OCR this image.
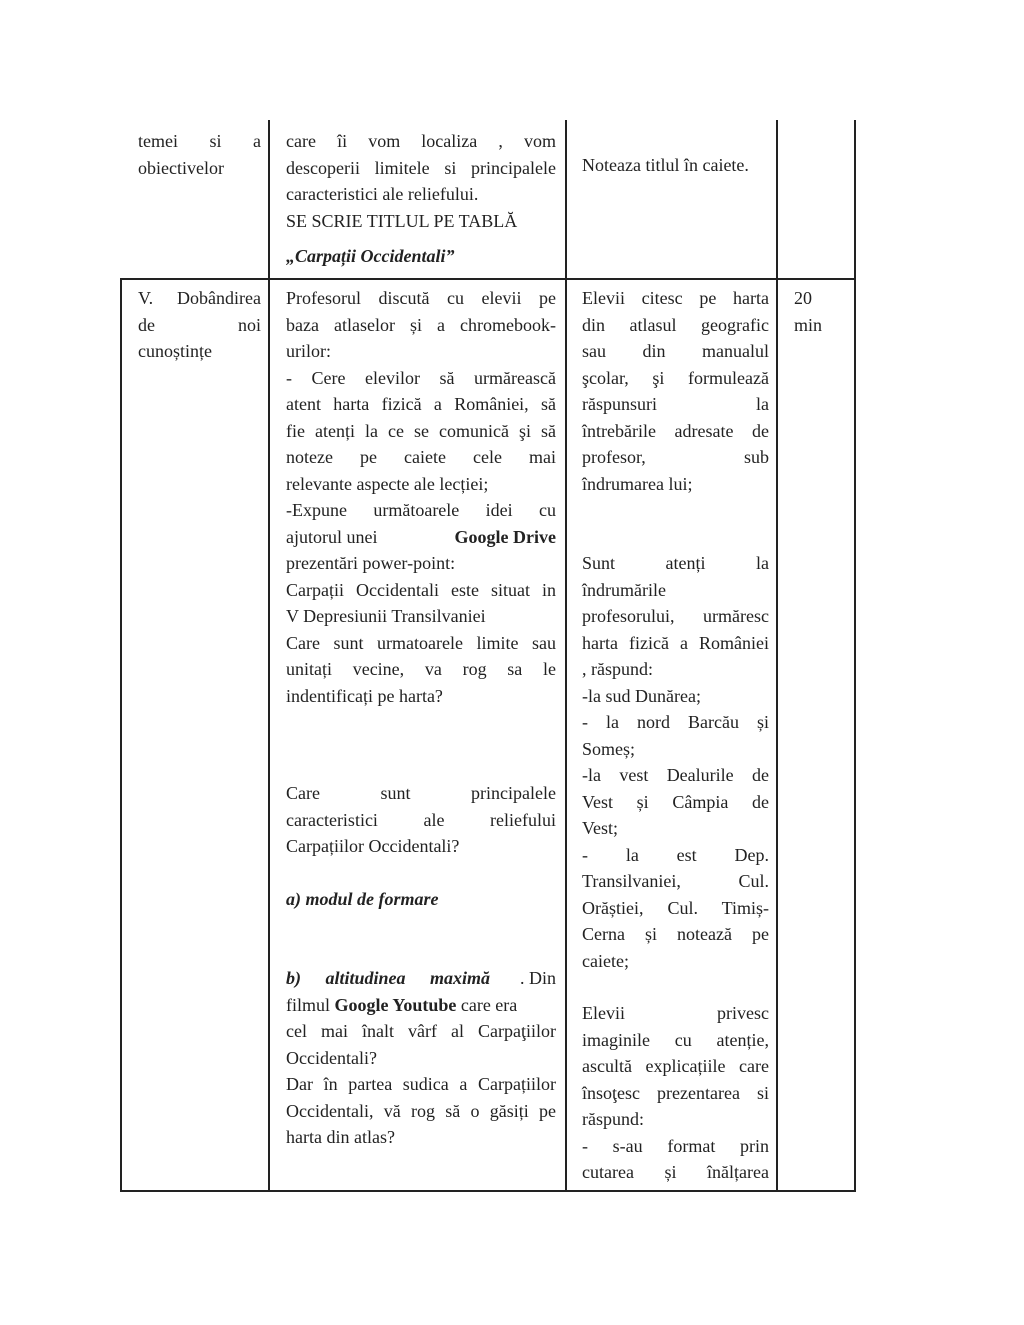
temei si a
obiectivelor
care îi vom localiza , vom
descoperii limitele si principalele
caracteristici ale reliefului.
SE SCRIE TITLUL PE TABLĂ
„Carpații Occidentali”
Noteaza titlul în caiete.
V. Dobândirea
de noi
cunoștințe
Profesorul discută cu elevii pe
baza atlaselor și a chromebook-
urilor:
- Cere elevilor să urmărească
atent harta fizică a României, să
fie atenți la ce se comunică şi să
noteze pe caiete cele mai
relevante aspecte ale lecției;
-Expune următoarele idei cu
ajutorul unei	Google Drive
prezentări power-point:
Carpații Occidentali este situat in
V Depresiunii Transilvaniei
Care sunt urmatoarele limite sau
unitați vecine, va rog sa le
indentificați pe harta?
Care sunt principalele
caracteristici ale reliefului
Carpațiilor Occidentali?
a) modul de formare
b) altitudinea maximă . Din
filmul Google Youtube care era
cel mai înalt vârf al Carpaţiilor
Occidentali?
Dar în partea sudica a Carpațiilor
Occidentali, vă rog să o găsiți pe
harta din atlas?
Elevii citesc pe harta
din atlasul geografic
sau din manualul
şcolar, şi formulează
răspunsuri la
întrebările adresate de
profesor, sub
îndrumarea lui;
Sunt atenți la
îndrumările
profesorului, urmăresc
harta fizică a României
, răspund:
-la sud Dunărea;
- la nord Barcău și
Someș;
-la vest Dealurile de
Vest și Câmpia de
Vest;
- la est Dep.
Transilvaniei, Cul.
Orăștiei, Cul. Timiș-
Cerna și notează pe
caiete;
Elevii privesc
imaginile cu atenție,
ascultă explicațiile care
însoţesc prezentarea si
răspund:
- s-au format prin
cutarea și înălțarea
20
min
